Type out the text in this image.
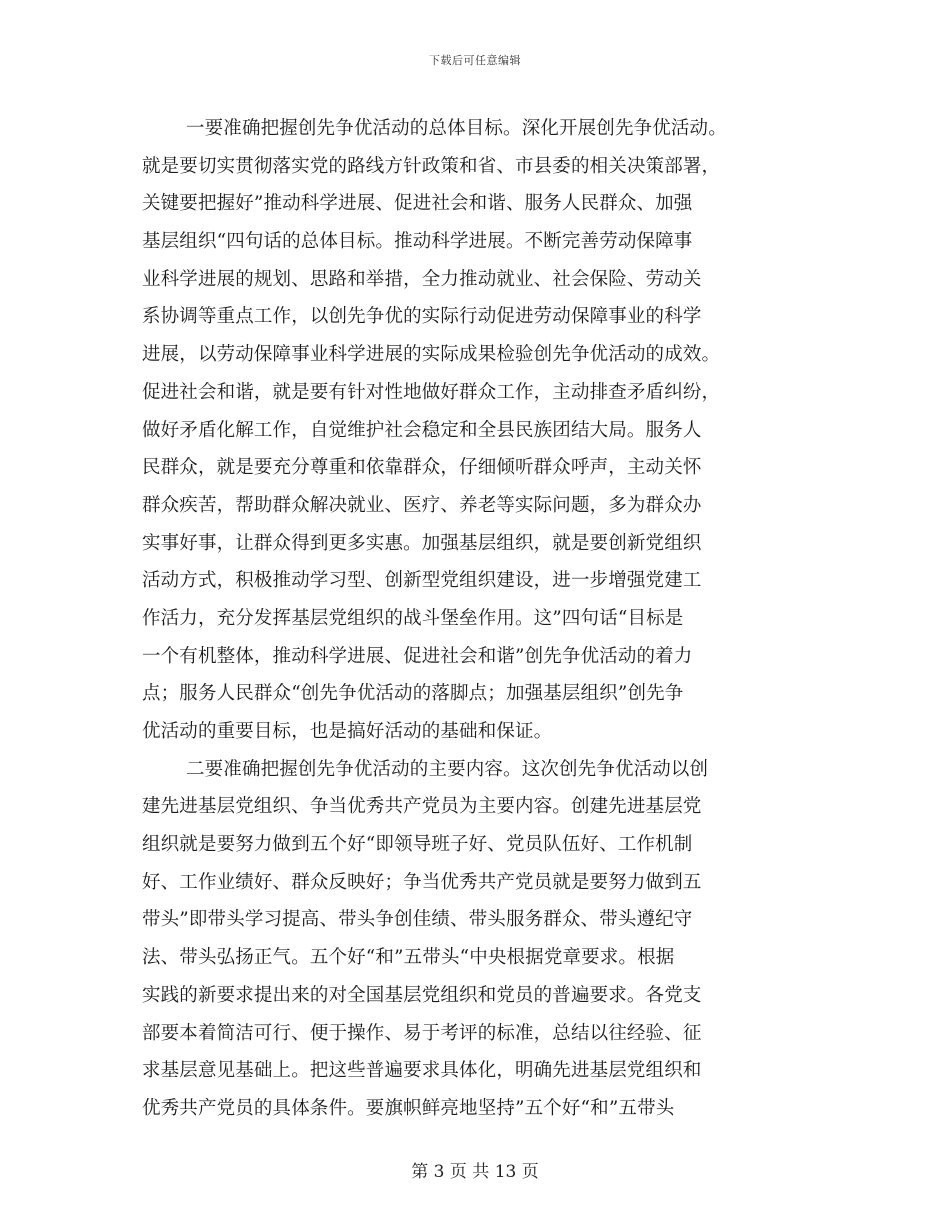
下载后可任意编辑
一要准确把握创先争优活动的总体目标。深化开展创先争优活动。
就是要切实贯彻落实党的路线方针政策和省、市县委的相关决策部署，
关键要把握好”推动科学进展、促进社会和谐、服务人民群众、加强
基层组织“四句话的总体目标。推动科学进展。不断完善劳动保障事
业科学进展的规划、思路和举措，全力推动就业、社会保险、劳动关
系协调等重点工作，以创先争优的实际行动促进劳动保障事业的科学
进展，以劳动保障事业科学进展的实际成果检验创先争优活动的成效。
促进社会和谐，就是要有针对性地做好群众工作，主动排查矛盾纠纷，
做好矛盾化解工作，自觉维护社会稳定和全县民族团结大局。服务人
民群众，就是要充分尊重和依靠群众，仔细倾听群众呼声，主动关怀
群众疾苦，帮助群众解决就业、医疗、养老等实际问题，多为群众办
实事好事，让群众得到更多实惠。加强基层组织，就是要创新党组织
活动方式，积极推动学习型、创新型党组织建设，进一步增强党建工
作活力，充分发挥基层党组织的战斗堡垒作用。这”四句话“目标是
一个有机整体，推动科学进展、促进社会和谐”创先争优活动的着力
点；服务人民群众“创先争优活动的落脚点；加强基层组织”创先争
优活动的重要目标，也是搞好活动的基础和保证。
二要准确把握创先争优活动的主要内容。这次创先争优活动以创
建先进基层党组织、争当优秀共产党员为主要内容。创建先进基层党
组织就是要努力做到五个好“即领导班子好、党员队伍好、工作机制
好、工作业绩好、群众反映好；争当优秀共产党员就是要努力做到五
带头”即带头学习提高、带头争创佳绩、带头服务群众、带头遵纪守
法、带头弘扬正气。五个好“和”五带头“中央根据党章要求。根据
实践的新要求提出来的对全国基层党组织和党员的普遍要求。各党支
部要本着简洁可行、便于操作、易于考评的标准，总结以往经验、征
求基层意见基础上。把这些普遍要求具体化，明确先进基层党组织和
优秀共产党员的具体条件。要旗帜鲜亮地坚持”五个好“和”五带头
第 3 页 共 13 页
